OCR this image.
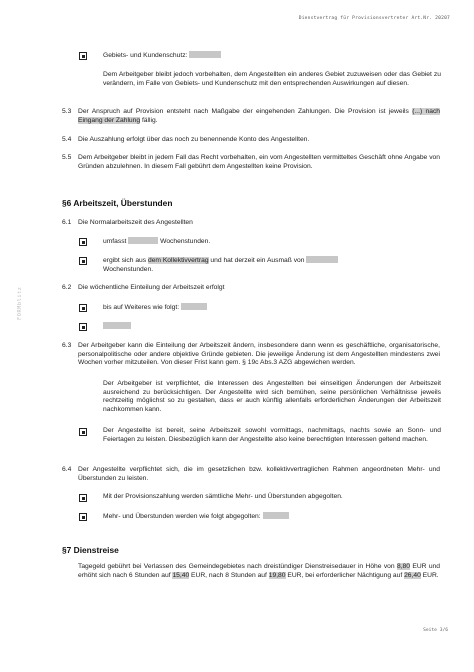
Dienstvertrag für Provisionsvertreter Art.Nr. 20207
FORMblitz
Gebiets- und Kundenschutz:
Dem Arbeitgeber bleibt jedoch vorbehalten, dem Angestellten ein anderes Gebiet zuzuweisen oder das Gebiet zu verändern, im Falle von Gebiets- und Kundenschutz mit den entsprechenden Auswirkungen auf diesen.
5.3 Der Anspruch auf Provision entsteht nach Maßgabe der eingehenden Zahlungen. Die Provision ist jeweils (...) nach Eingang der Zahlung fällig.
5.4 Die Auszahlung erfolgt über das noch zu benennende Konto des Angestellten.
5.5 Dem Arbeitgeber bleibt in jedem Fall das Recht vorbehalten, ein vom Angestellten vermitteltes Geschäft ohne Angabe von Gründen abzulehnen. In diesem Fall gebührt dem Angestellten keine Provision.
§6 Arbeitszeit, Überstunden
6.1 Die Normalarbeitszeit des Angestellten
umfasst	Wochenstunden.
ergibt sich aus dem Kollektivvertrag und hat derzeit ein Ausmaß von
Wochenstunden.
6.2 Die wöchentliche Einteilung der Arbeitszeit erfolgt
bis auf Weiteres wie folgt:
6.3 Der Arbeitgeber kann die Einteilung der Arbeitszeit ändern, insbesondere dann wenn es geschäftliche, organisatorische, personalpolitische oder andere objektive Gründe gebieten. Die jeweilige Änderung ist dem Angestellten mindestens zwei Wochen vorher mitzuteilen. Von dieser Frist kann gem. § 19c Abs.3 AZG abgewichen werden.
Der Arbeitgeber ist verpflichtet, die Interessen des Angestellten bei einseitigen Änderungen der Arbeitszeit ausreichend zu berücksichtigen. Der Angestellte wird sich bemühen, seine persönlichen Verhältnisse jeweils rechtzeitig möglichst so zu gestalten, dass er auch künftig allenfalls erforderlichen Änderungen der Arbeitszeit nachkommen kann.
Der Angestellte ist bereit, seine Arbeitszeit sowohl vormittags, nachmittags, nachts sowie an Sonn- und Feiertagen zu leisten. Diesbezüglich kann der Angestellte also keine berechtigten Interessen geltend machen.
6.4 Der Angestellte verpflichtet sich, die im gesetzlichen bzw. kollektivvertraglichen Rahmen angeordneten Mehr- und Überstunden zu leisten.
Mit der Provisionszahlung werden sämtliche Mehr- und Überstunden abgegolten.
Mehr- und Überstunden werden wie folgt abgegolten:
§7 Dienstreise
Tagegeld gebührt bei Verlassen des Gemeindegebietes nach dreistündiger Dienstreisedauer in Höhe von 8,80 EUR und erhöht sich nach 6 Stunden auf 15,40 EUR, nach 8 Stunden auf 19,80 EUR, bei erforderlicher Nächtigung auf 26,40 EUR.
Seite 3/6
